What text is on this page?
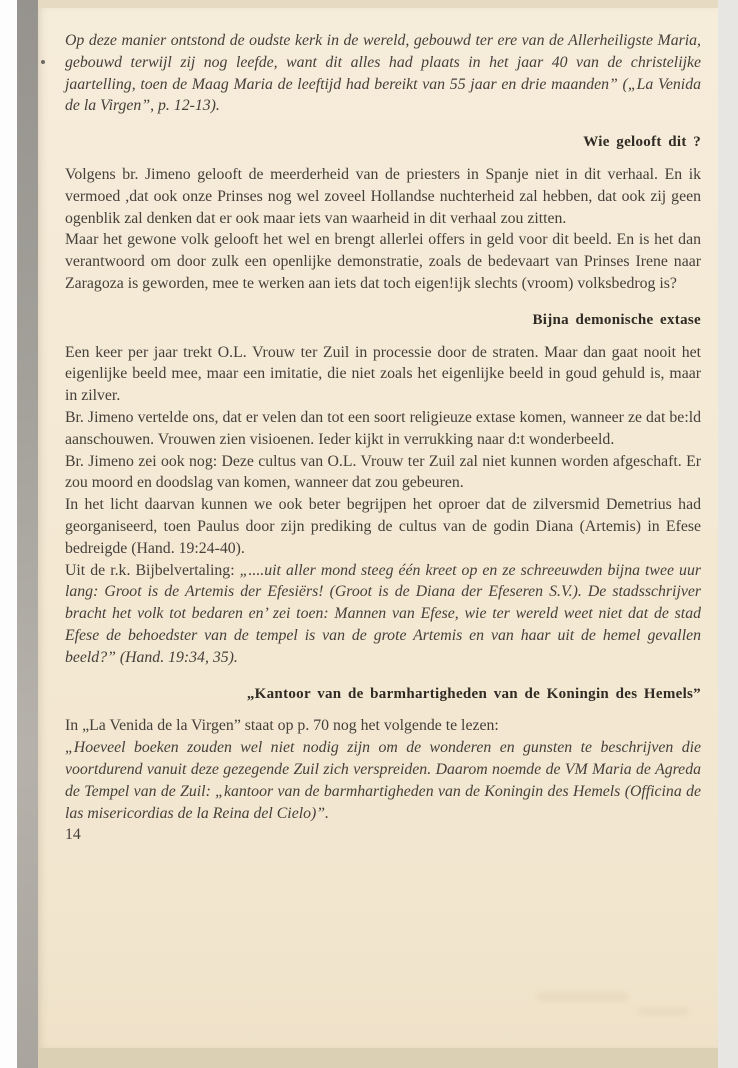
Op deze manier ontstond de oudste kerk in de wereld, gebouwd ter ere van de Allerheiligste Maria, gebouwd terwijl zij nog leefde, want dit alles had plaats in het jaar 40 van de christelijke jaartelling, toen de Maag Maria de leeftijd had bereikt van 55 jaar en drie maanden” („La Venida de la Virgen”, p. 12-13).

Wie gelooft dit ?

Volgens br. Jimeno gelooft de meerderheid van de priesters in Spanje niet in dit verhaal. En ik vermoed ,dat ook onze Prinses nog wel zoveel Hollandse nuchterheid zal hebben, dat ook zij geen ogenblik zal denken dat er ook maar iets van waarheid in dit verhaal zou zitten.

Maar het gewone volk gelooft het wel en brengt allerlei offers in geld voor dit beeld. En is het dan verantwoord om door zulk een openlijke demonstratie, zoals de bedevaart van Prinses Irene naar Zaragoza is geworden, mee te werken aan iets dat toch eigen!ijk slechts (vroom) volksbedrog is?

Bijna demonische extase

Een keer per jaar trekt O.L. Vrouw ter Zuil in processie door de straten. Maar dan gaat nooit het eigenlijke beeld mee, maar een imitatie, die niet zoals het eigenlijke beeld in goud gehuld is, maar in zilver.

Br. Jimeno vertelde ons, dat er velen dan tot een soort religieuze extase komen, wanneer ze dat be:ld aanschouwen. Vrouwen zien visioenen. Ieder kijkt in verrukking naar d:t wonderbeeld.

Br. Jimeno zei ook nog: Deze cultus van O.L. Vrouw ter Zuil zal niet kunnen worden afgeschaft. Er zou moord en doodslag van komen, wanneer dat zou gebeuren.

In het licht daarvan kunnen we ook beter begrijpen het oproer dat de zilversmid Demetrius had georganiseerd, toen Paulus door zijn prediking de cultus van de godin Diana (Artemis) in Efese bedreigde (Hand. 19:24-40).

Uit de r.k. Bijbelvertaling: „....uit aller mond steeg één kreet op en ze schreeuwden bijna twee uur lang: Groot is de Artemis der Efesiërs! (Groot is de Diana der Efeseren S.V.). De stadsschrijver bracht het volk tot bedaren en’ zei toen: Mannen van Efese, wie ter wereld weet niet dat de stad Efese de behoedster van de tempel is van de grote Artemis en van haar uit de hemel gevallen beeld?” (Hand. 19:34, 35).

„Kantoor van de barmhartigheden van de Koningin des Hemels”

In „La Venida de la Virgen” staat op p. 70 nog het volgende te lezen:

„Hoeveel boeken zouden wel niet nodig zijn om de wonderen en gunsten te beschrijven die voortdurend vanuit deze gezegende Zuil zich verspreiden. Daarom noemde de VM Maria de Agreda de Tempel van de Zuil: „kantoor van de barmhartigheden van de Koningin des Hemels (Officina de las misericordias de la Reina del Cielo)”.

14
